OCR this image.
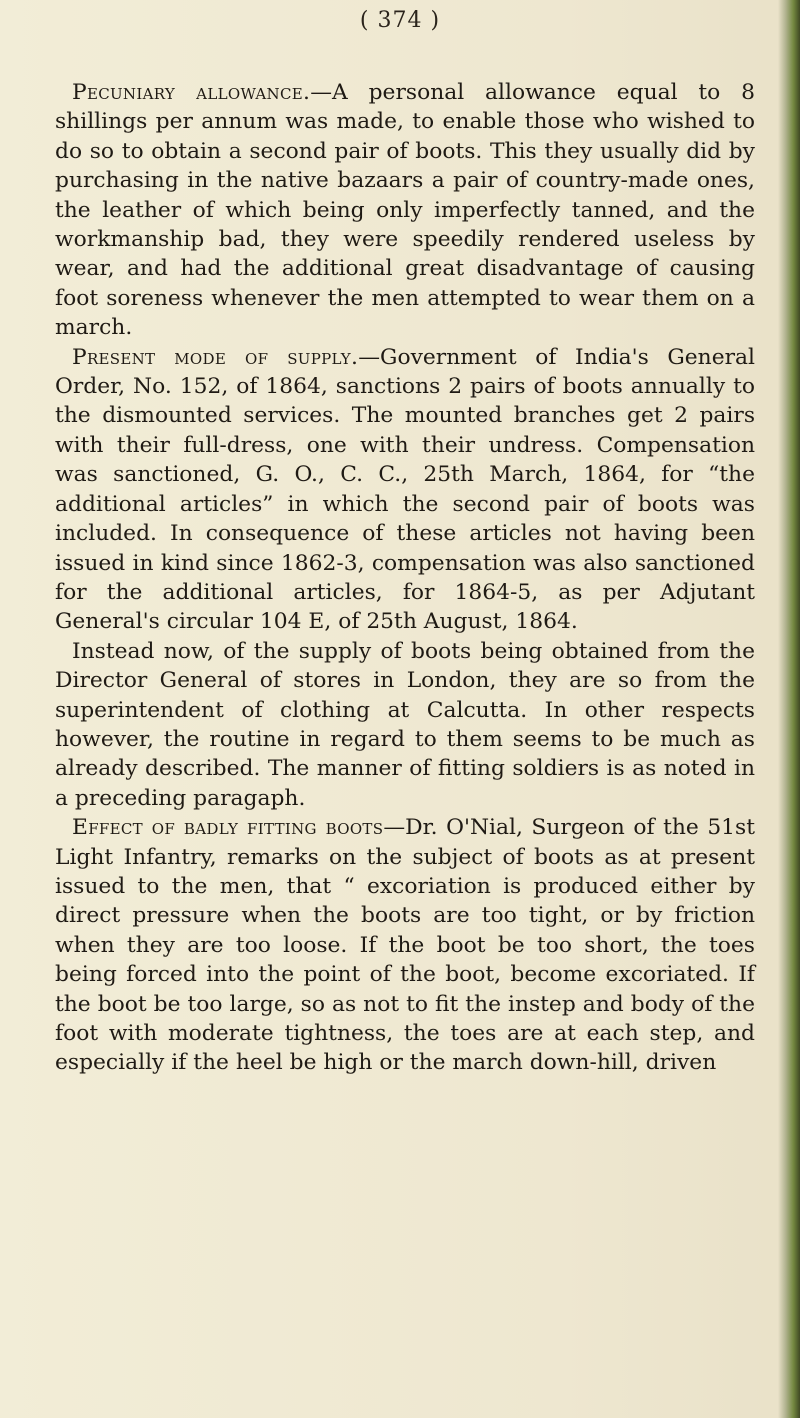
( 374 )

Pecuniary allowance.—A personal allowance equal to 8 shillings per annum was made, to enable those who wished to do so to obtain a second pair of boots. This they usually did by purchasing in the native bazaars a pair of country-made ones, the leather of which being only imperfectly tanned, and the workmanship bad, they were speedily rendered useless by wear, and had the additional great disadvantage of causing foot soreness whenever the men attempted to wear them on a march.

Present mode of supply.—Government of India's General Order, No. 152, of 1864, sanctions 2 pairs of boots annually to the dismounted services. The mounted branches get 2 pairs with their full-dress, one with their undress. Compensation was sanctioned, G. O., C. C., 25th March, 1864, for “the additional articles” in which the second pair of boots was included. In consequence of these articles not having been issued in kind since 1862-3, compensation was also sanctioned for the additional articles, for 1864-5, as per Adjutant General's circular 104 E, of 25th August, 1864.

Instead now, of the supply of boots being obtained from the Director General of stores in London, they are so from the superintendent of clothing at Calcutta. In other respects however, the routine in regard to them seems to be much as already described. The manner of fitting soldiers is as noted in a preceding paragaph.

Effect of badly fitting boots—Dr. O'Nial, Surgeon of the 51st Light Infantry, remarks on the subject of boots as at present issued to the men, that “ excoriation is produced either by direct pressure when the boots are too tight, or by friction when they are too loose. If the boot be too short, the toes being forced into the point of the boot, become excoriated. If the boot be too large, so as not to fit the instep and body of the foot with moderate tightness, the toes are at each step, and especially if the heel be high or the march down-hill, driven
